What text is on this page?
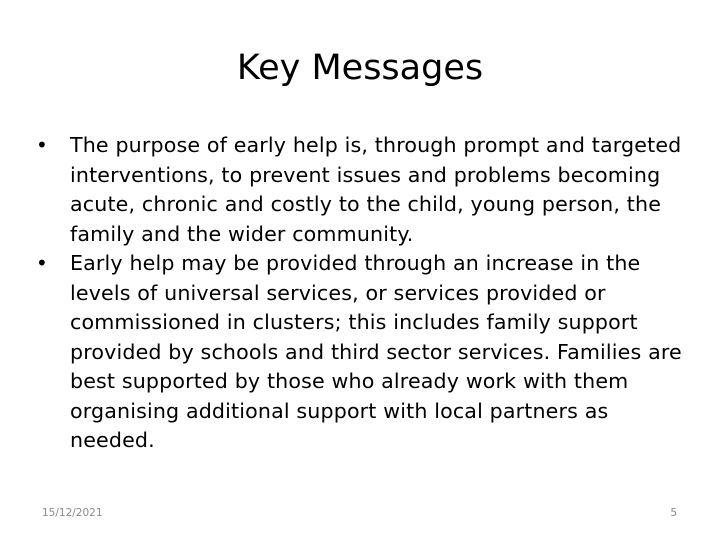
Key Messages
•	The purpose of early help is, through prompt and targeted interventions, to prevent issues and problems becoming acute, chronic and costly to the child, young person, the family and the wider community.
•	Early help may be provided through an increase in the levels of universal services, or services provided or commissioned in clusters; this includes family support provided by schools and third sector services. Families are best supported by those who already work with them organising additional support with local partners as needed.
15/12/2021	5
